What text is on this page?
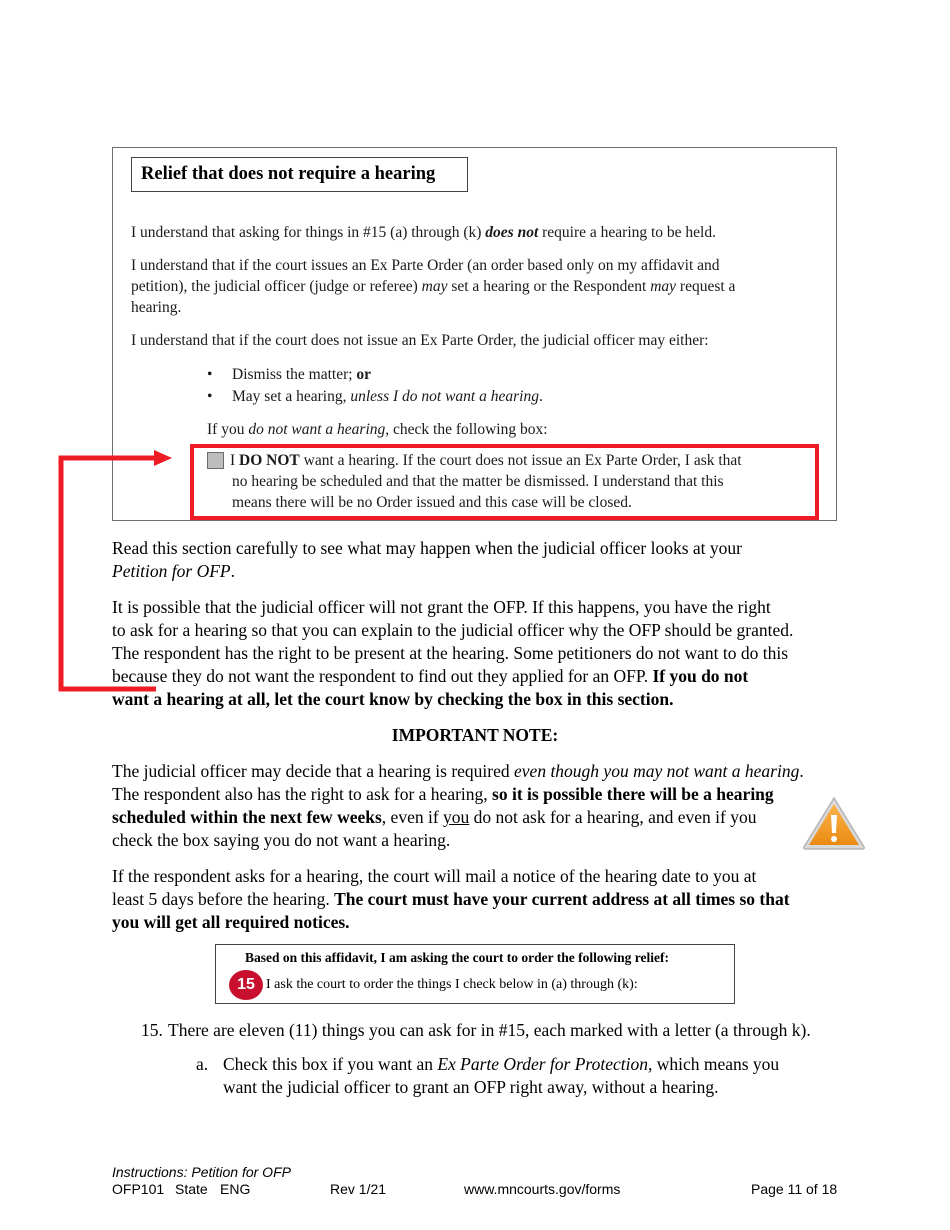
Relief that does not require a hearing
I understand that asking for things in #15 (a) through (k) does not require a hearing to be held.
I understand that if the court issues an Ex Parte Order (an order based only on my affidavit and
petition), the judicial officer (judge or referee) may set a hearing or the Respondent may request a
hearing.
I understand that if the court does not issue an Ex Parte Order, the judicial officer may either:
• Dismiss the matter; or
• May set a hearing, unless I do not want a hearing.
If you do not want a hearing, check the following box:
I DO NOT want a hearing. If the court does not issue an Ex Parte Order, I ask that
no hearing be scheduled and that the matter be dismissed. I understand that this
means there will be no Order issued and this case will be closed.
Read this section carefully to see what may happen when the judicial officer looks at your
Petition for OFP.
It is possible that the judicial officer will not grant the OFP. If this happens, you have the right
to ask for a hearing so that you can explain to the judicial officer why the OFP should be granted.
The respondent has the right to be present at the hearing. Some petitioners do not want to do this
because they do not want the respondent to find out they applied for an OFP. If you do not
want a hearing at all, let the court know by checking the box in this section.
IMPORTANT NOTE:
The judicial officer may decide that a hearing is required even though you may not want a hearing.
The respondent also has the right to ask for a hearing, so it is possible there will be a hearing
scheduled within the next few weeks, even if you do not ask for a hearing, and even if you
check the box saying you do not want a hearing.
If the respondent asks for a hearing, the court will mail a notice of the hearing date to you at
least 5 days before the hearing. The court must have your current address at all times so that
you will get all required notices.
15. There are eleven (11) things you can ask for in #15, each marked with a letter (a through k).
a. Check this box if you want an Ex Parte Order for Protection, which means you
want the judicial officer to grant an OFP right away, without a hearing.
Based on this affidavit, I am asking the court to order the following relief:
15 I ask the court to order the things I check below in (a) through (k):
Instructions: Petition for OFP
OFP101 State ENG	Rev 1/21	www.mncourts.gov/forms	Page 11 of 18
